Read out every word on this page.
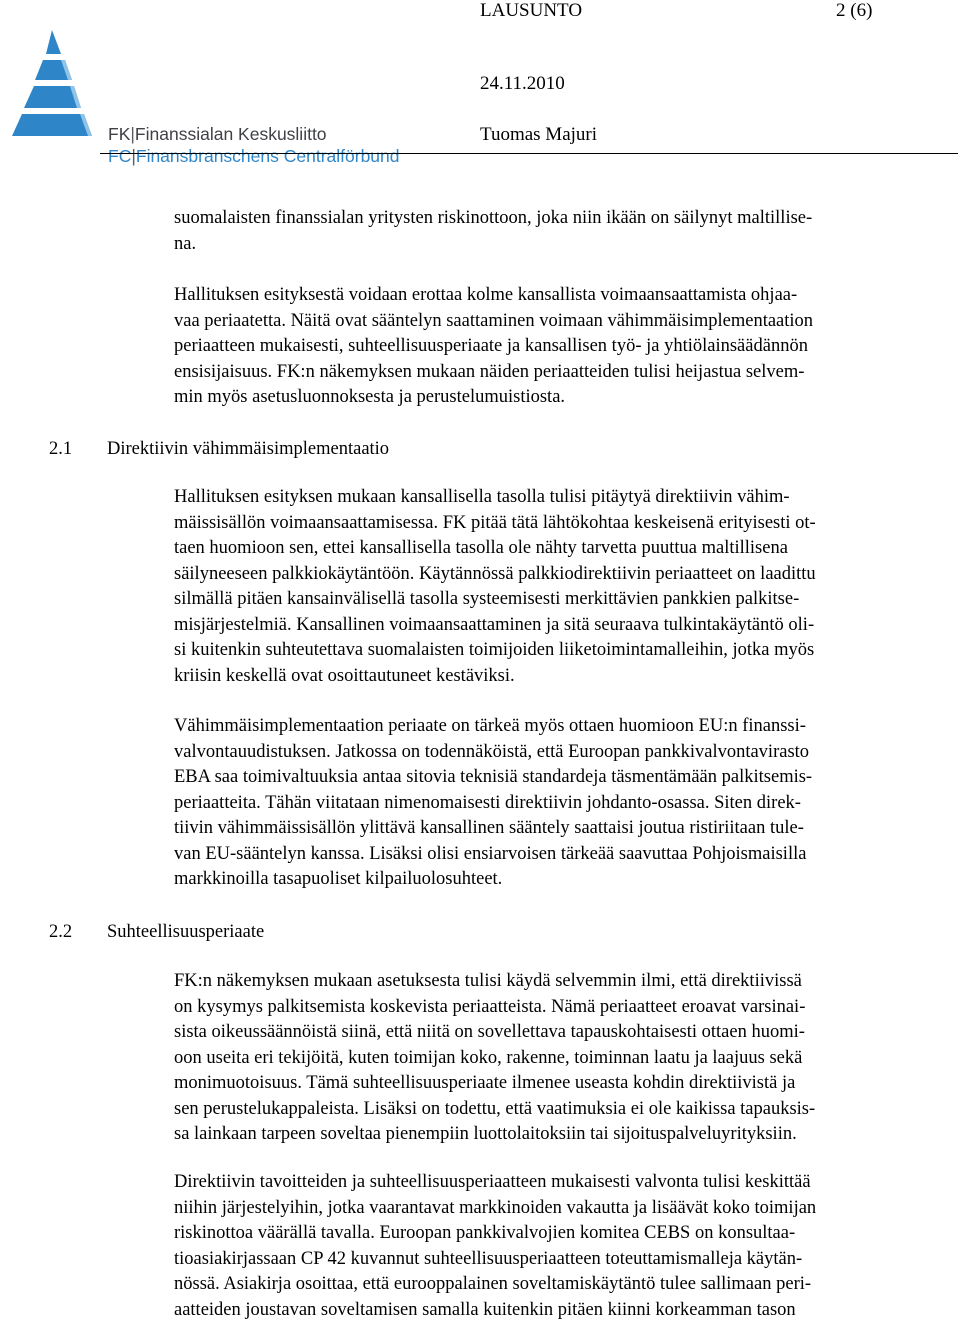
FK|Finanssialan Keskusliitto
FC|Finansbranschens Centralförbund
LAUSUNTO	2 (6)
24.11.2010
Tuomas Majuri

suomalaisten finanssialan yritysten riskinottoon, joka niin ikään on säilynyt maltillise-
na.

Hallituksen esityksestä voidaan erottaa kolme kansallista voimaansaattamista ohjaa-
vaa periaatetta. Näitä ovat sääntelyn saattaminen voimaan vähimmäisimplementaation
periaatteen mukaisesti, suhteellisuusperiaate ja kansallisen työ- ja yhtiölainsäädännön
ensisijaisuus. FK:n näkemyksen mukaan näiden periaatteiden tulisi heijastua selvem-
min myös asetusluonnoksesta ja perustelumuistiosta.

2.1 Direktiivin vähimmäisimplementaatio

Hallituksen esityksen mukaan kansallisella tasolla tulisi pitäytyä direktiivin vähim-
mäissisällön voimaansaattamisessa. FK pitää tätä lähtökohtaa keskeisenä erityisesti ot-
taen huomioon sen, ettei kansallisella tasolla ole nähty tarvetta puuttua maltillisena
säilyneeseen palkkiokäytäntöön. Käytännössä palkkiodirektiivin periaatteet on laadittu
silmällä pitäen kansainvälisellä tasolla systeemisesti merkittävien pankkien palkitse-
misjärjestelmiä. Kansallinen voimaansaattaminen ja sitä seuraava tulkintakäytäntö oli-
si kuitenkin suhteutettava suomalaisten toimijoiden liiketoimintamalleihin, jotka myös
kriisin keskellä ovat osoittautuneet kestäviksi.

Vähimmäisimplementaation periaate on tärkeä myös ottaen huomioon EU:n finanssi-
valvontauudistuksen. Jatkossa on todennäköistä, että Euroopan pankkivalvontavirasto
EBA saa toimivaltuuksia antaa sitovia teknisiä standardeja täsmentämään palkitsemis-
periaatteita. Tähän viitataan nimenomaisesti direktiivin johdanto-osassa. Siten direk-
tiivin vähimmäissisällön ylittävä kansallinen sääntely saattaisi joutua ristiriitaan tule-
van EU-sääntelyn kanssa. Lisäksi olisi ensiarvoisen tärkeää saavuttaa Pohjoismaisilla
markkinoilla tasapuoliset kilpailuolosuhteet.

2.2 Suhteellisuusperiaate

FK:n näkemyksen mukaan asetuksesta tulisi käydä selvemmin ilmi, että direktiivissä
on kysymys palkitsemista koskevista periaatteista. Nämä periaatteet eroavat varsinai-
sista oikeussäännöistä siinä, että niitä on sovellettava tapauskohtaisesti ottaen huomi-
oon useita eri tekijöitä, kuten toimijan koko, rakenne, toiminnan laatu ja laajuus sekä
monimuotoisuus. Tämä suhteellisuusperiaate ilmenee useasta kohdin direktiivistä ja
sen perustelukappaleista. Lisäksi on todettu, että vaatimuksia ei ole kaikissa tapauksis-
sa lainkaan tarpeen soveltaa pienempiin luottolaitoksiin tai sijoituspalveluyrityksiin.

Direktiivin tavoitteiden ja suhteellisuusperiaatteen mukaisesti valvonta tulisi keskittää
niihin järjestelyihin, jotka vaarantavat markkinoiden vakautta ja lisäävät koko toimijan
riskinottoa väärällä tavalla. Euroopan pankkivalvojien komitea CEBS on konsultaa-
tioasiakirjassaan CP 42 kuvannut suhteellisuusperiaatteen toteuttamismalleja käytän-
nössä. Asiakirja osoittaa, että eurooppalainen soveltamiskäytäntö tulee sallimaan peri-
aatteiden joustavan soveltamisen samalla kuitenkin pitäen kiinni korkeamman tason
